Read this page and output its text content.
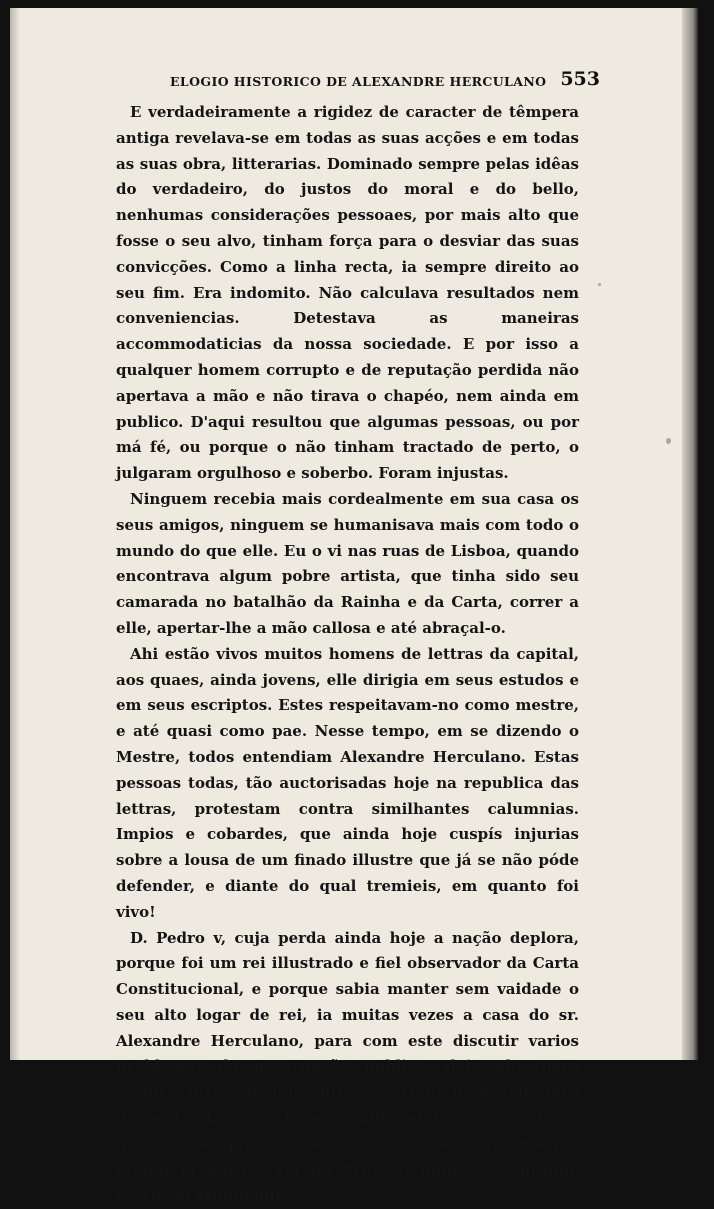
ELOGIO HISTORICO DE ALEXANDRE HERCULANO 553

E verdadeiramente a rigidez de caracter de têmpera antiga revelava-se em todas as suas acções e em todas as suas obra, litterarias. Dominado sempre pelas idêas do verdadeiro, do justos do moral e do bello, nenhumas considerações pessoaes, por mais alto que fosse o seu alvo, tinham força para o desviar das suas convicções. Como a linha recta, ia sempre direito ao seu fim. Era indomito. Não calculava resultados nem conveniencias. Detestava as maneiras accommodaticias da nossa sociedade. E por isso a qualquer homem corrupto e de reputação perdida não apertava a mão e não tirava o chapéo, nem ainda em publico. D'aqui resultou que algumas pessoas, ou por má fé, ou porque o não tinham tractado de perto, o julgaram orgulhoso e soberbo. Foram injustas.

Ninguem recebia mais cordealmente em sua casa os seus amigos, ninguem se humanisava mais com todo o mundo do que elle. Eu o vi nas ruas de Lisboa, quando encontrava algum pobre artista, que tinha sido seu camarada no batalhão da Rainha e da Carta, correr a elle, apertar-lhe a mão callosa e até abraçal-o.

Ahi estão vivos muitos homens de lettras da capital, aos quaes, ainda jovens, elle dirigia em seus estudos e em seus escriptos. Estes respeitavam-no como mestre, e até quasi como pae. Nesse tempo, em se dizendo o Mestre, todos entendiam Alexandre Herculano. Estas pessoas todas, tão auctorisadas hoje na republica das lettras, protestam contra similhantes calumnias. Impios e cobardes, que ainda hoje cuspís injurias sobre a lousa de um finado illustre que já se não póde defender, e diante do qual tremieis, em quanto foi vivo!

D. Pedro v, cuja perda ainda hoje a nação deplora, porque foi um rei illustrado e fiel observador da Carta Constitucional, e porque sabia manter sem vaidade o seu alto logar de rei, ia muitas vezes a casa do sr. Alexandre Herculano, para com este discutir varios problemas da governação publica, deixando, para assim o dizer, quando entrava, a regia majestade fóra da porta da casa. Este grande rei honrava assim o grande escriptor do seu reinado, como no mesmo tempo Frederico, rei da Prussia, honrava o grande escriptor Humboldt.
